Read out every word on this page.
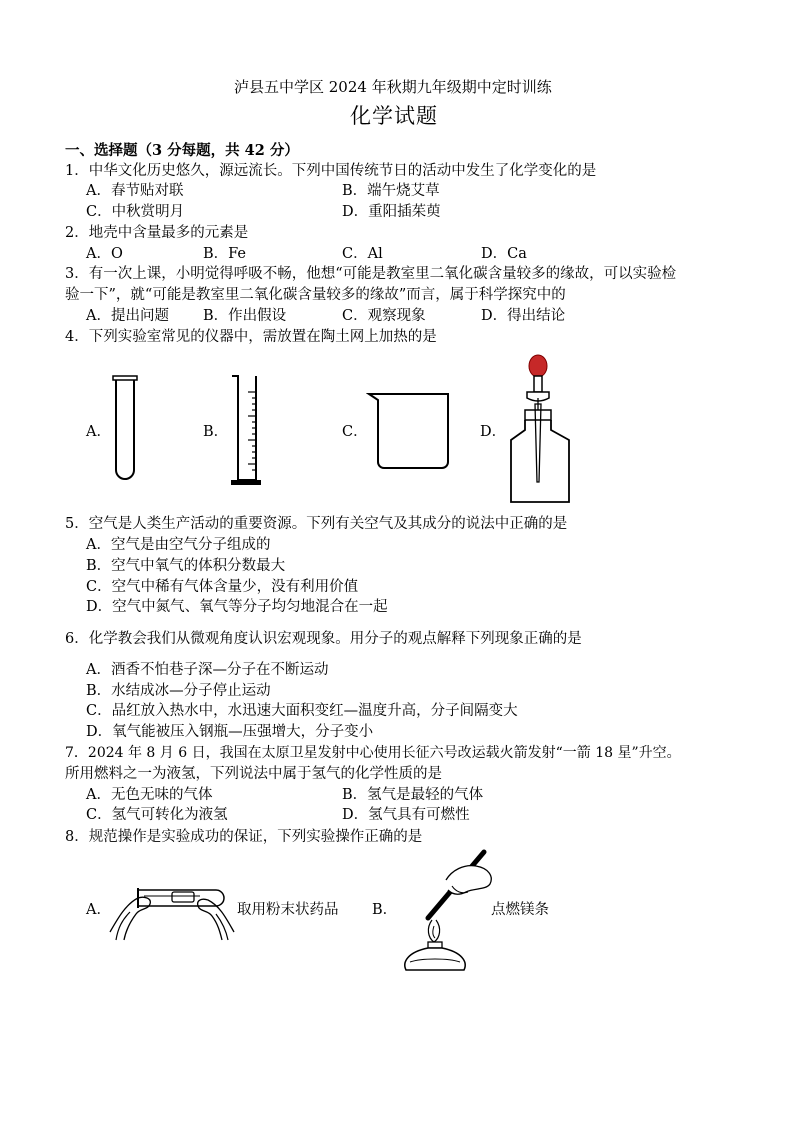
泸县五中学区 2024 年秋期九年级期中定时训练
化学试题
一、选择题（3 分每题，共 42 分）
1．中华文化历史悠久，源远流长。下列中国传统节日的活动中发生了化学变化的是
A．春节贴对联	B．端午烧艾草
C．中秋赏明月	D．重阳插茱萸
2．地壳中含量最多的元素是
A．O	B．Fe	C．Al	D．Ca
3．有一次上课，小明觉得呼吸不畅，他想“可能是教室里二氧化碳含量较多的缘故，可以实验检
验一下”，就“可能是教室里二氧化碳含量较多的缘故”而言，属于科学探究中的
A．提出问题 B．作出假设	C．观察现象	D．得出结论
4．下列实验室常见的仪器中，需放置在陶土网上加热的是
A．	B．	C．	D．
5．空气是人类生产活动的重要资源。下列有关空气及其成分的说法中正确的是
A．空气是由空气分子组成的
B．空气中氧气的体积分数最大
C．空气中稀有气体含量少，没有利用价值
D．空气中氮气、氧气等分子均匀地混合在一起
6．化学教会我们从微观角度认识宏观现象。用分子的观点解释下列现象正确的是
A．酒香不怕巷子深—分子在不断运动
B．水结成冰—分子停止运动
C．品红放入热水中，水迅速大面积变红—温度升高，分子间隔变大
D．氧气能被压入钢瓶—压强增大，分子变小
7．2024 年 8 月 6 日，我国在太原卫星发射中心使用长征六号改运载火箭发射“一箭 18 星”升空。
所用燃料之一为液氢，下列说法中属于氢气的化学性质的是
A．无色无味的气体	B．氢气是最轻的气体
C．氢气可转化为液氢	D．氢气具有可燃性
8．规范操作是实验成功的保证，下列实验操作正确的是
A．	取用粉末状药品 B．	点燃镁条
